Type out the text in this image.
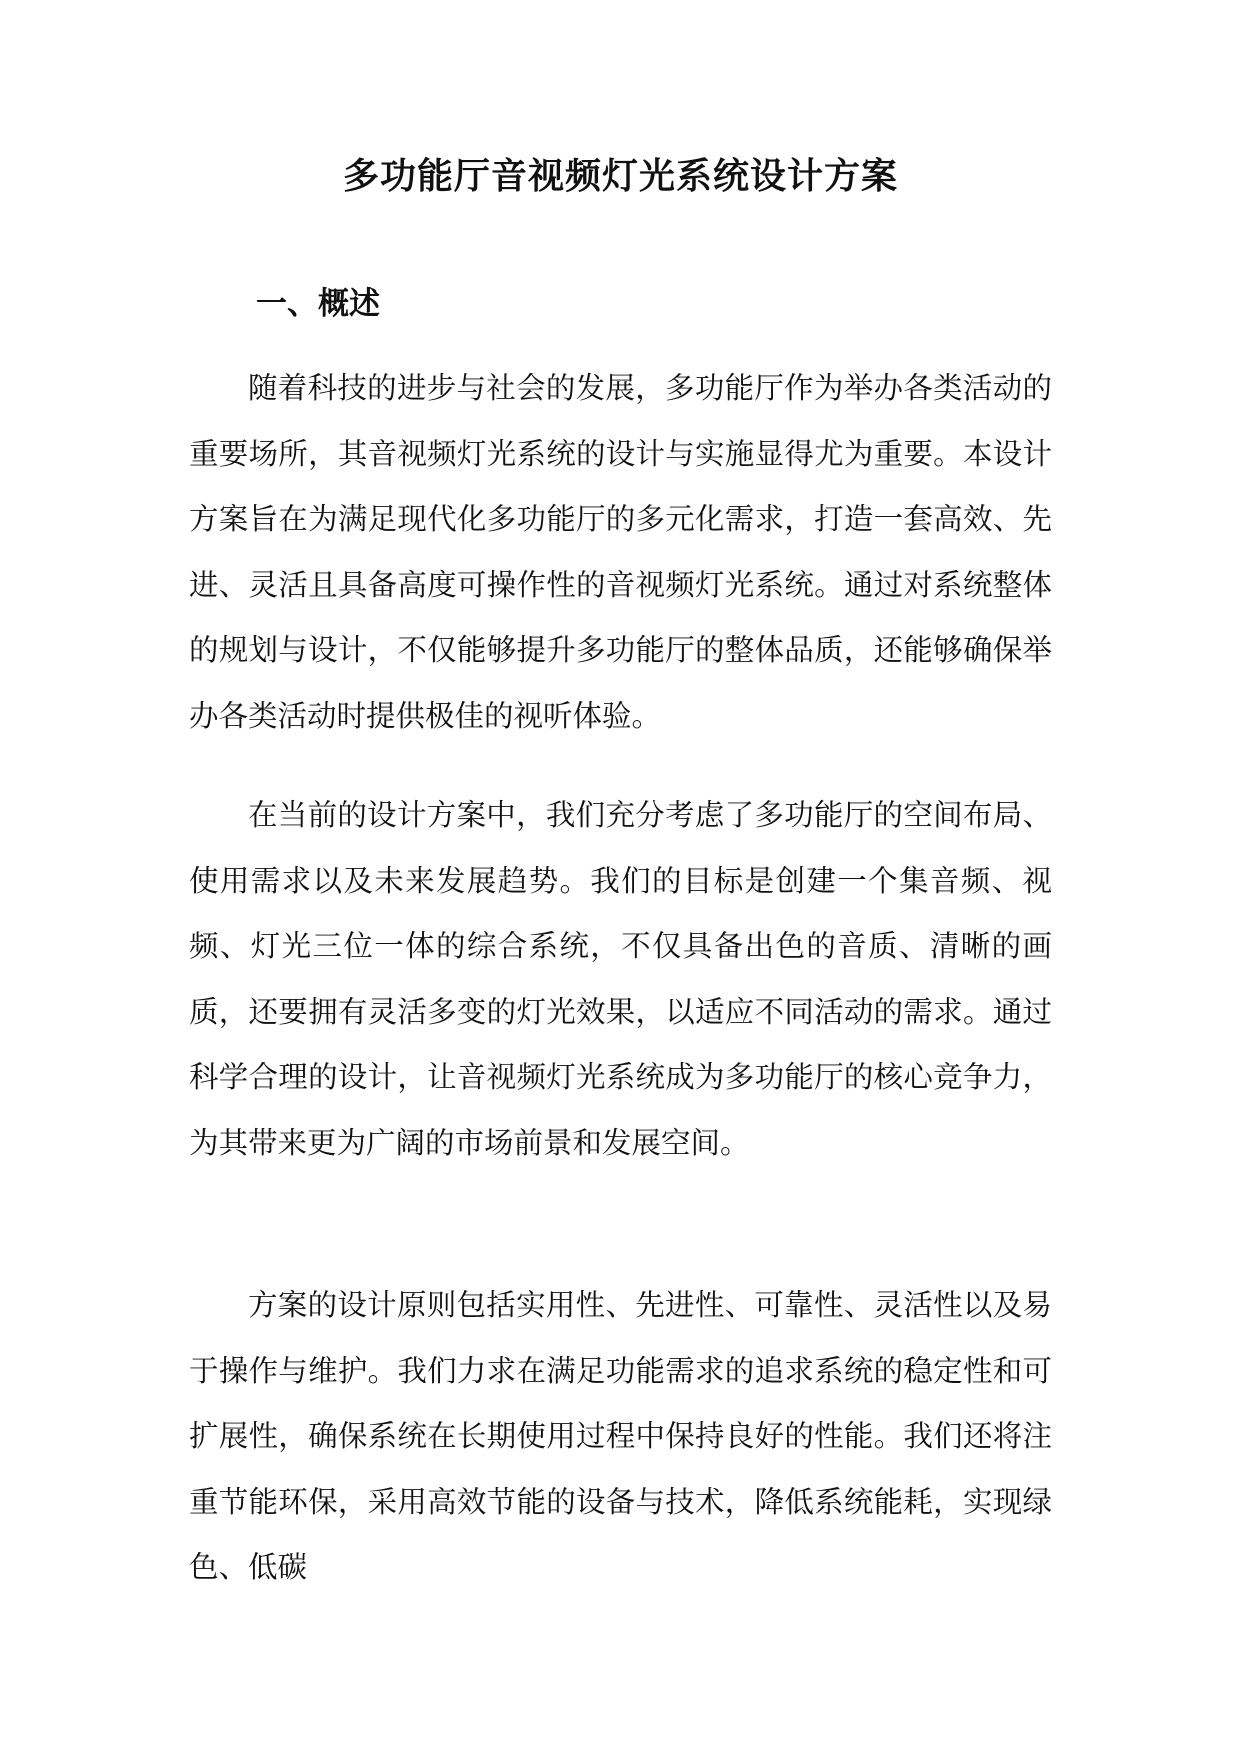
多功能厅音视频灯光系统设计方案
一、概述

随着科技的进步与社会的发展，多功能厅作为举办各类活动的重要场所，其音视频灯光系统的设计与实施显得尤为重要。本设计方案旨在为满足现代化多功能厅的多元化需求，打造一套高效、先进、灵活且具备高度可操作性的音视频灯光系统。通过对系统整体的规划与设计，不仅能够提升多功能厅的整体品质，还能够确保举办各类活动时提供极佳的视听体验。

在当前的设计方案中，我们充分考虑了多功能厅的空间布局、使用需求以及未来发展趋势。我们的目标是创建一个集音频、视频、灯光三位一体的综合系统，不仅具备出色的音质、清晰的画质，还要拥有灵活多变的灯光效果，以适应不同活动的需求。通过科学合理的设计，让音视频灯光系统成为多功能厅的核心竞争力，为其带来更为广阔的市场前景和发展空间。

方案的设计原则包括实用性、先进性、可靠性、灵活性以及易于操作与维护。我们力求在满足功能需求的追求系统的稳定性和可扩展性，确保系统在长期使用过程中保持良好的性能。我们还将注重节能环保，采用高效节能的设备与技术，降低系统能耗，实现绿色、低碳
